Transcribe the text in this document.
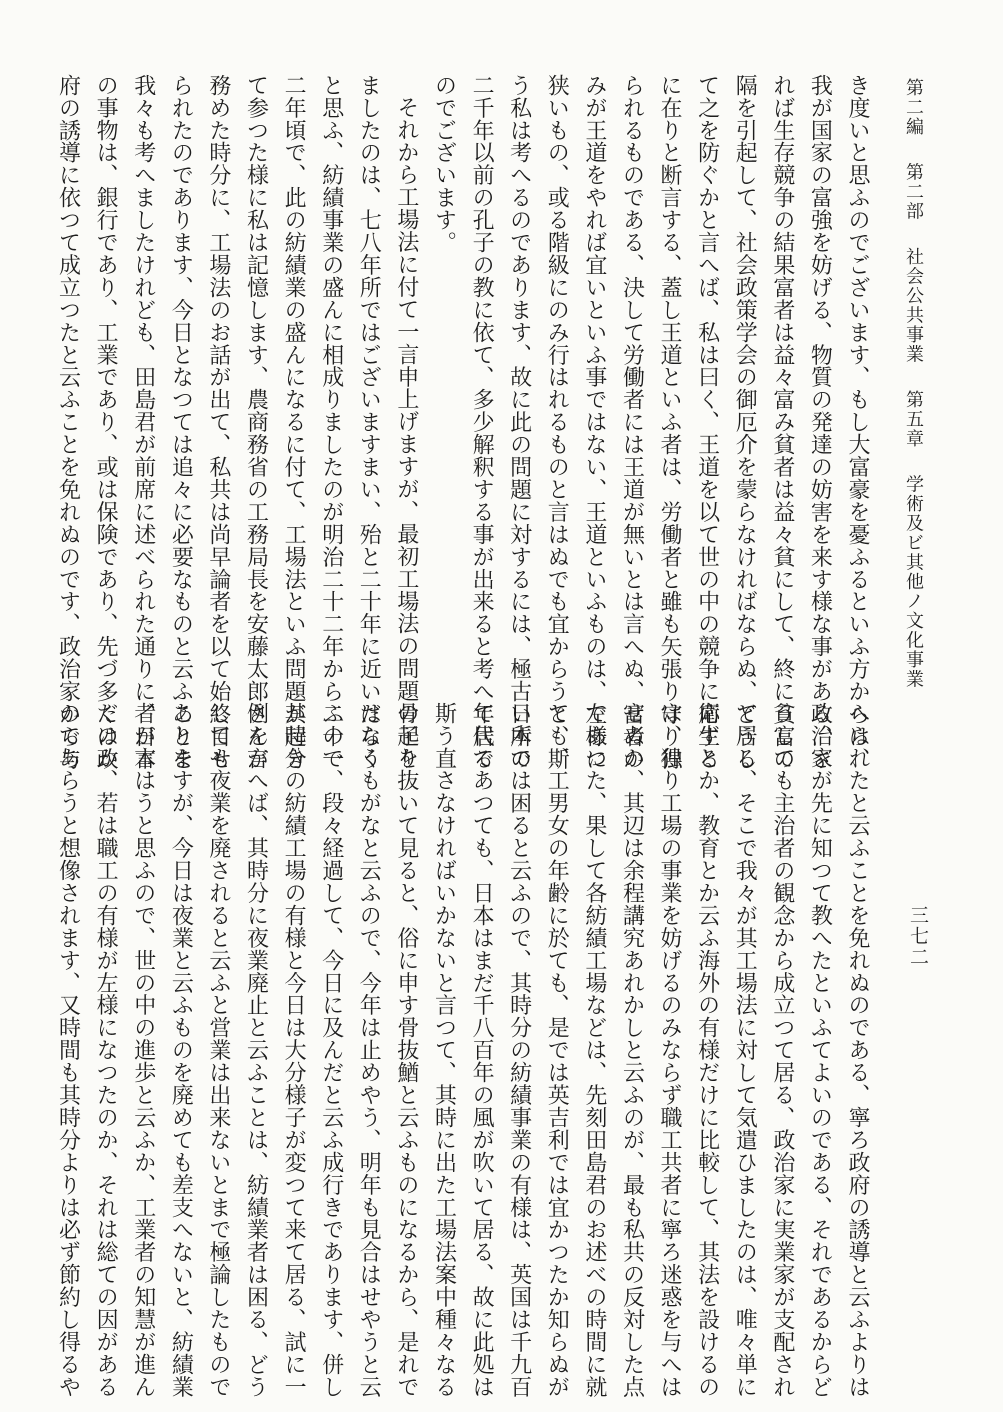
第二編第二部社会公共事業第五章学術及ビ其他ノ文化事業
三七二
き度いと思ふのでございます、もし大富豪を憂ふるといふ方からは、
我が国家の富強を妨げる、物質の発達の妨害を来す様な事がある、さ
れば生存競争の結果富者は益々富み貧者は益々貧にして、終に貧富の
隔を引起して、社会政策学会の御厄介を蒙らなければならぬ、どうし
て之を防ぐかと言へば、私は曰く、王道を以て世の中の競争に応ずる
に在りと断言する、蓋し王道といふ者は、労働者と雖も矢張り守り得
られるものである、決して労働者には王道が無いとは言へぬ、富者の
みが王道をやれば宜いといふ事ではない、王道といふものは、左様に
狭いもの、或る階級にのみ行はれるものと言はぬでも宜からうと、斯
う私は考へるのであります、故に此の問題に対するには、極古い所の
二千年以前の孔子の教に依て、多少解釈する事が出来ると考へて居る
のでございます。
それから工場法に付て一言申上げますが、最初工場法の問題の起り
ましたのは、七八年所ではございますまい、殆と二十年に近いだらう
と思ふ、紡績事業の盛んに相成りましたのが明治二十二年から二十一
二年頃で、此の紡績業の盛んになるに付て、工場法といふ問題が起き
て参つた様に私は記憶します、農商務省の工務局長を安藤太郎さんが
務めた時分に、工場法のお話が出て、私共は尚早論者を以て始終目せ
られたのであります、今日となつては追々に必要なものと云ふことを
我々も考へましたけれども、田島君が前席に述べられた通りに、日本
の事物は、銀行であり、工業であり、或は保険であり、先づ多くは政
府の誘導に依つて成立つたと云ふことを免れぬのです、政治家から与
へられたと云ふことを免れぬのである、寧ろ政府の誘導と云ふよりは
政治家が先に知つて教へたといふてよいのである、それであるからど
うしても主治者の観念から成立つて居る、政治家に実業家が支配され
て居る、そこで我々が其工場法に対して気遣ひましたのは、唯々単に
衛生とか、教育とか云ふ海外の有様だけに比較して、其法を設けるの
は、独り工場の事業を妨げるのみならず職工共者に寧ろ迷惑を与へは
せぬか、其辺は余程講究あれかしと云ふのが、最も私共の反対した点
であつた、果して各紡績工場などは、先刻田島君のお述べの時間に就
ても、工男女の年齢に於ても、是では英吉利では宜かつたか知らぬが
日本では困ると云ふので、其時分の紡績事業の有様は、英国は千九百
年代であつても、日本はまだ千八百年の風が吹いて居る、故に此処は
斯う直さなければいかないと言つて、其時に出た工場法案中種々なる
骨子を抜いて見ると、俗に申す骨抜鰌と云ふものになるから、是れで
はなくもがなと云ふので、今年は止めやう、明年も見合はせやうと云
ふので、段々経過して、今日に及んだと云ふ成行きであります、併し
其時分の紡績工場の有様と今日は大分様子が変つて来て居る、試に一
例を言へば、其時分に夜業廃止と云ふことは、紡績業者は困る、どう
しても夜業を廃されると云ふと営業は出来ないとまで極論したもので
ありますが、今日は夜業と云ふものを廃めても差支へないと、紡績業
者が言はうと思ふので、世の中の進歩と云ふか、工業者の知慧が進ん
だのか、若は職工の有様が左様になつたのか、それは総ての因がある
のであらうと想像されます、又時間も其時分よりは必ず節約し得るや
